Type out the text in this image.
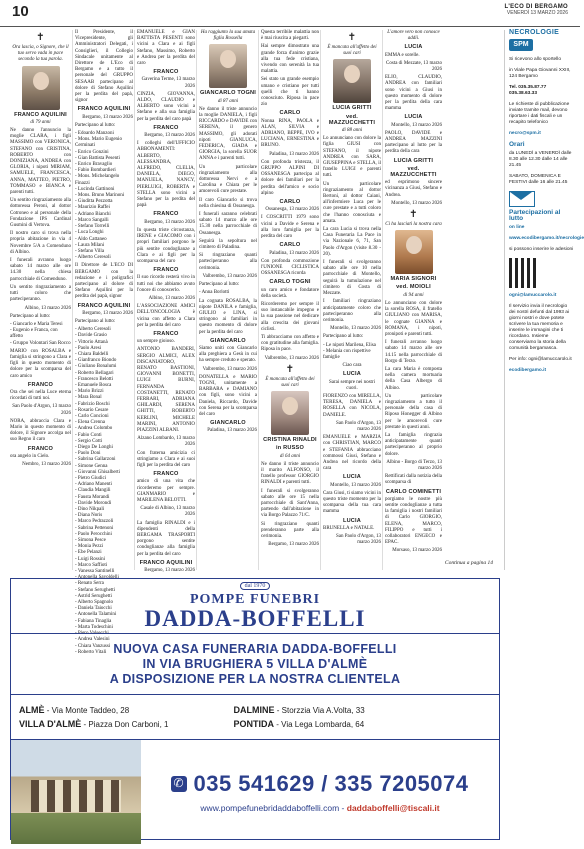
10	L'ECO DI BERGAMO
VENERDÌ 13 MARZO 2026
✝

Ora lascia, o Signore, che il tuo servo vada in pace secondo la tua parola.

FRANCO AQUILINI
di 79 anni

Ne danno l'annuncio la moglie CLARA, i figli MASSIMO con VERONICA, STEFANO con CRISTINA, ROBERTO con DONIZIANA, ANDREA con GLORIA, i nipoti MIRIAM, SAMUELE, FRANCESCA, ANNA, MATTEO, PIETRO, TOMMASO e BIANCA e parenti tutti.

Un sentito ringraziamento alla dottoressa Peroni, al dottor Cotroneo e al personale della Fondazione IPS Cardinal Gusmini di Vertova.

Il nostro caro si trova nella propria abitazione in via 4 Novembre 5/A a Comenduno di Albino.

I funerali avranno luogo sabato 14 marzo alle ore 14.30 nella chiesa parrocchiale di Comenduno.

Un sentito ringraziamento a tutti coloro che parteciperanno.

Albino, 13 marzo 2026

Partecipano al lutto:

- Giancarlo e Maria Teresi
- Eugenio e Franca, con affetto
- Gruppo Volontari San Rocco

MARIO con ROSALBA e famiglia si stringono a Clara e figli in questo momento di dolore per la scomparsa del caro amico

FRANCO

Ora che sei nella Luce eterna ricordati di tutti noi.

San Paolo d'Argon, 13 marzo 2026

NORA, abbracciа Clara e Mario in questo momento di dolore, il Signore accolga nel suo Regno il caro

FRANCO

ora angelo in Cielo.

Nembro, 13 marzo 2026

Il Presidente, il Vicepresidente, gli Amministratori Delegati, i Consiglieri, il Collegio Sindacale unitamente al Direttore de L'Eco di Bergamo e a tutto il personale del GRUPPO SESAAB partecipano al dolore di Stefano Aquilini per la perdita del papà, signor

FRANCO AQUILINI

Bergamo, 13 marzo 2026

Partecipano al lutto:

- Edoardo Manzoni
- Mons. Mario Eugenio Cerminati
- Enrico Gonzini
- Gian Battista Pesenti
- Enrico Bravaglio
- Fabio Bombardieri
- Mons. Michelangelo Finazzi
- Lucinda Gattinoni
- Mons. Bruno Marinoni
- Giuditta Pezzotta
- Maurizio Raffei
- Adriano Bianchi
- Marco Sangalli
- Stefano Torrelli
- Luca Longhi
- Aldo Cattaneo
- Laura Milani
- Stefano Villa
- Alberto Ceresoli

Il Direttore de L'ECO DI BERGAMO con la redazione e i poligrafici partecipano al dolore di Stefano Aquilini per la perdita del papà, signor

FRANCO AQUILINI

Bergamo, 13 marzo 2026

Partecipano al lutto:

- Alberto Ceresoli
- Davide Grasio
- Vittorio Attanà
- Paolo Aresi
- Chiara Baldelli
- Gianfranco Biondo
- Giuliano Bonalumi
- Roberto Bellagari
- Francesco Belotti
- Emanuele Bosca
- Mario Brizzi
- Mara Bonal
- Fabrizio Boschi
- Rosario Cesare
- Carlo Concioni
- Elena Crenna
- Andrea Colombo
- Fabio Conti
- Sergio Cotti
- Diego De Longhi
- Paolo Doni
- Sabrina Gallarzoni
- Simone Genna
- Giovanni Ghisalberti
- Pietro Giudici
- Adriano Manenti
- Claudia Mangili
- Fausta Morandi
- Davide Morondi
- Dino Nikpali
- Diana Noris
- Marco Pedrazzoli
- Sabrina Pettenoni
- Paolo Perocchini
- Simona Pesce
- Monia Pezzi
- Ebe Pelanzi
- Luigi Rossini
- Marco Saffioti
- Vanessa Santinelli
- Antonella Savoldelli
- Renato Serra
- Stefano Serughetti
- Astrid Serughetti
- Alberto Spagnolo
- Daniela Taiocchi
- Antonella Talamini
- Fabiana Tinaglia
- Marta Todeschini
- Piero Valsecchi
- Andrea Valesini
- Chiara Vanzussi
- Roberto Vitali

EMANUELE e GIAN BATTISTA PESENTI sono vicini a Clara e ai figli Stefano, Massimo, Roberto e Andrea per la perdita del caro

FRANCO

Gaverina Terme, 13 marzo 2026

CINZIA, GIOVANNA, ALDO, CLAUDIO e ALBERTO sono vicini a Stefano e alla sua famiglia per la perdita del caro papà

FRANCO

Bergamo, 13 marzo 2026

I colleghi dell'UFFICIO ABBONAMENTI: ALBERTO, ALESSANDRA, ALFREDO, CLELIA, DANIELA, DIEGO, MANUELA, NANCY, PIERLUIGI, ROBERTA e STELLA sono vicini a Stefano per la perdita del papà

FRANCO

Bergamo, 13 marzo 2026

In questa triste circostanza, IRENE e GIACOMO con i propri familiari porgono le più sentite condoglianze a Clara e ai figli per la scomparsa del caro

FRANCO

Il suo ricordo resterà vivo in tutti noi che abbiamo avuto l'onore di conoscerlo.

Albino, 13 marzo 2026

L'ASSOCIAZIONE AMICI DELL'ONCOLOGIA è vicina con affetto a Clara per la perdita del caro

FRANCO

un sempre gioioso.

ANTONIO BANDERI, SERGIO ALMICI, ALEX DISCANIATORO, RENATO BASTIONI, GIOVANNI BONETTI, LUIGI BURNI, FERNANDA COSTANETTI, RENATO FERRARI, ADRIANA GHILARDI, SERENA GHITTI, ROBERTO KERLINI, MICHELE MARINI, ANTONIO PIAZZINI ALBANI.

Alzano Lombardo, 13 marzo 2026

Con fraterna amicizia ci stringiamo a Clara e ai suoi figli per la perdita del caro

FRANCO

amico di una vita che ricorderemo per sempre. GIANMARIO e MARILENA BELOTTI.

Casale di Albino, 13 marzo 2026

La famiglia RINALDI e i dipendenti della BERGAMA TRASPORTI porgono sentite condoglianze alla famiglia per la perdita del caro

FRANCO AQUILINI

Bergamo, 13 marzo 2026

Ha raggiunto la sua amata figlia Rossella

GIANCARLO TOGNI
di 87 anni

Ne danno il triste annuncio la moglie DANIELA, i figli RICCARDO e DAVIDE con SERENA, il genero MASSIMO, gli adorati nipoti GIANLUCA, FEDERICA, GIADA e GIORGIA, la sorella SUOR ANNA e i parenti tutti.

Un particolare ringraziamento alla dottoressa Nervi e a Carolina e Chiara per le amorevoli cure prestate.

Il caro Giancarlo si trova nella chiesina di Ossanesga.

I funerali saranno celebrati sabato 14 marzo alle ore 15.30 nella parrocchiale di Ossanesga.

Seguirà la sepoltura nel cimitero di Paladina.

Si ringraziano quanti parteciperanno alla cerimonia.

Valbrembo, 13 marzo 2026

Partecipano al lutto:

- Anna Borlotti

La cognata ROSALBA, la nipote DANILA e famiglia, GIULIO e LINA, si stringono ai familiari in questo momento di dolore per la perdita del caro

GIANCARLO

Siamo uniti con Giancarlo alla preghiera a Gesù in cui ha sempre creduto e sperato.

Valbrembo, 13 marzo 2026

DONATELLA e MARIO TOGNI, unitamente a BARBARA e DAMIANO con figli, sono vicini a Daniela, Riccardo, Davide con Serena per la scomparsa del caro

GIANCARLO

Paladina, 13 marzo 2026

Questa terribile malattia non è mai riuscita a piegarti.

Hai sempre dimostrato una grande forza d'animo grazie alla tua fede cristiana, vivendo con serenità la tua malattia.

Sei stato un grande esempio umano e cristiano per tutti quelli che ti hanno conosciuto. Riposa in pace zio

CARLO

Nonna RINA, PAOLA e ALAN, SILVIA e ADRIANO, BEPPE, IVO e LUCIANA, ERNESTINA e BRUNO.

Paladina, 13 marzo 2026

Con profonda tristezza, il GRUPPO ALPINI DI OSSANESGA partecipa al dolore dei familiari per la perdita dell'amico e socio alpino

CARLO

Ossanesga, 13 marzo 2026

I COSCRITTI 1979 sono vicini a Davide e Serena e alla loro famiglia per la perdita del caro

CARLO

Paladina, 13 marzo 2026

Con profonda commozione l'UNIONE CICLISTICA OSSANESGA ricorda

CARLO TOGNI

un caro amico e fondatore della società.

Ricorderemo per sempre il suo instancabile impegno e la sua passione nel dedicare alla crescita dei giovani ciclisti.

Ti abbracciamo con affetto e con gratitudine alla famiglia. Riposa in pace.

Valbrembo, 13 marzo 2026

✝

È mancata all'affetto dei suoi cari

CRISTINA RINALDI
in RUSSO
di 64 anni

Ne danno il triste annuncio il marito ALFONSO, il fratello professor GIORGIO RINALDI e parenti tutti.

I funerali si svolgeranno sabato alle ore 15 nella parrocchiale di Sant'Anna, partendo dall'abitazione in via Borgo Palazzo 71/C.

Si ringraziano quanti prenderanno parte alla cerimonia.

Bergamo, 13 marzo 2026

✝

È mancata all'affetto dei suoi cari

LUCIA GRITTI
ved. MAZZUCCHETTI
di 88 anni

Lo annunciano con dolore la figlia GIUSI con STEFANO, il nipote ANDREA con SARA, GIUSEPPINA e STELLA, il fratello LUIGI e parenti tutti.

Un particolare ringraziamento al dottor Bertoni, al dottor Caiani, all'infermiere Luca per le cure prestate e a tutti coloro che l'hanno conosciuta e amata.

La cara Lucia si trova nella Casa Funeraria La Pace in via Nazionale 6, 71, San Paolo d'Argon (visite 8.30 - 20).

I funerali si svolgeranno sabato alle ore 10 nella parrocchiale di Montello, seguirà la tumulazione nel cimitero di Costa di Mezzate.

I familiari ringraziano anticipatamente coloro che parteciperanno alla cerimonia.

Montello, 13 marzo 2026

Partecipano al lutto:

- Le nipoti Marilena, Elisa
- Melania con rispettive famiglie

Ciao cara

LUCIA

Sarai sempre nei nostri cuori.

FIORENZO con MIRELLA, TERESA, DANIELA e ROSELLA con NICOLA, DANIELE.

San Paolo d'Argon, 13 marzo 2026

EMANUELE e MARZIA con CHRISTIAN, MARCO e STEFANIA abbracciano commossi Giusi, Stefano e Andrea nel ricordo della cara

LUCIA

Montello, 13 marzo 2026

Cara Giusi, ti siamo vicini in questo triste momento per la scomparsa della tua cara mamma

LUCIA

BRUNELLA e NATALE.

San Paolo d'Argon, 13 marzo 2026

L'amore vero non conosce addii.

LUCIA

EMMA e sorelle.

Costa di Mezzate, 13 marzo 2026

ELIO, CLAUDIO, ANDREA con familiari sono vicini a Giusi in questo momento di dolore per la perdita della cara mamma

LUCIA

Montello, 13 marzo 2026

PAOLO, DAVIDE e ANDREA MAZZINI partecipano al lutto per la perdita della cara

LUCIA GRITTI
ved. MAZZUCCHETTI

ed esprimono sincere vicinanza a Giusi, Stefano e Andrea.

Montello, 13 marzo 2026

✝

Ci ha lasciati la nostra cara

MARIA SIGNORI
ved. MOIOLI
di 94 anni

Lo annunciano con dolore la sorella ROSA, il fratello GIULIANO con MARISA, le cognate GIANNA e ROMANA, i nipoti, pronipoti e parenti tutti.

I funerali avranno luogo sabato 14 marzo alle ore 14.15 nella parrocchiale di Borgo di Terzo.

La cara Maria è composta nella camera mortuaria della Casa Albergo di Albino.

Un particolare ringraziamento a tutto il personale della casa di Riposo Honegger di Albino per le amorevoli cure prestate in questi anni.

La famiglia ringrazia anticipatamente quanti parteciperanno al proprio dolore.

Albino - Borgo di Terzo, 13 marzo 2026

Rettificati dalla notizia della scomparsa di

CARLO COMINETTI

porgiamo le nostre più sentite condoglianze a tutta la famiglia i nostri familiari di Carlo GIORGIO, ELENA, MARCO, FILIPPO e tutti i collaboratori ENGECO e EPAC.

Morsaso, 13 marzo 2026

Continua a pagina 14
NECROLOGIE
SPM

Si ricevono allo sportello

in Viale Papa Giovanni XXIII, 124 Bergamo

Tel. 035.35.87.77 035.38.63.33

Le richieste di pubblicazione inviate tramite mail, devono riportare i dati fiscali e un recapito telefonico

necro@spm.it

Orari

da LUNEDÌ a VENERDÌ dalle 8.30 alle 12.30 dalle 14 alle 21.45

SABATO, DOMENICA E FESTIVI dalle 16 alle 21.45

Partecipazioni al lutto

on line

www.ecodibergamo.it/necrologie

si possono inserire le adesioni

ogni@lamuccarolo.it

Il servizio invia il necrologio dei nostri defunti dal 1993 ai giorni nostri e dove potete scrivere la tua memoria e inserire le immagini che ti ricordano. Insieme conserviamo la storia della comunità bergamasca.

Per info: ogni@lamuccarolo.it

ecodibergamo.it

dal 1970
POMPE FUNEBRI
DADDA-BOFFELLI
NUOVA CASA FUNERARIA DADDA-BOFFELLI
IN VIA BRUGHIERA 5 VILLA D'ALMÈ
A DISPOSIZIONE PER LA NOSTRA CLIENTELA
ALMÈ - Via Monte Taddeo, 28	DALMINE - Storzzia Via A.Volta, 33
VILLA D'ALMÈ - Piazza Don Carboni, 1	PONTIDA - Via Lega Lombarda, 64
✆
035 541629 / 335 7205074
www.pompefunebridaddaboffelli.com - daddaboffelli@tiscali.it
